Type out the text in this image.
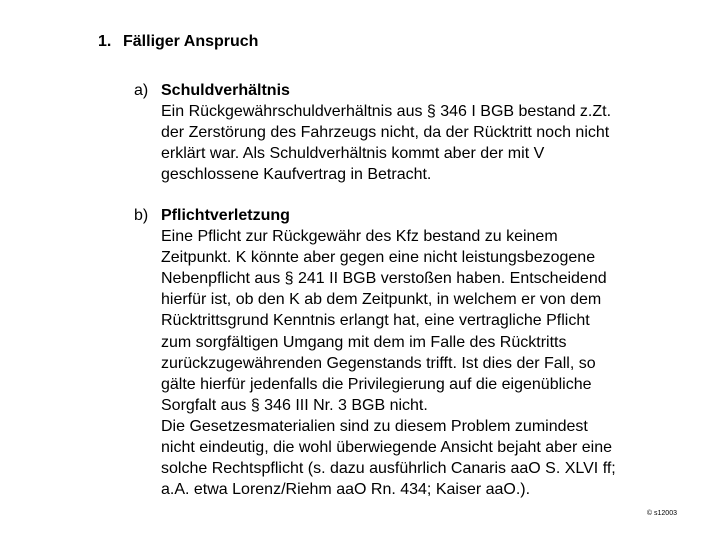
1. Fälliger Anspruch
a) Schuldverhältnis
Ein Rückgewährschuldverhältnis aus § 346 I BGB bestand z.Zt.
der Zerstörung des Fahrzeugs nicht, da der Rücktritt noch nicht
erklärt war. Als Schuldverhältnis kommt aber der mit V
geschlossene Kaufvertrag in Betracht.
b) Pflichtverletzung
Eine Pflicht zur Rückgewähr des Kfz bestand zu keinem
Zeitpunkt. K könnte aber gegen eine nicht leistungsbezogene
Nebenpflicht aus § 241 II BGB verstoßen haben. Entscheidend
hierfür ist, ob den K ab dem Zeitpunkt, in welchem er von dem
Rücktrittsgrund Kenntnis erlangt hat, eine vertragliche Pflicht
zum sorgfältigen Umgang mit dem im Falle des Rücktritts
zurückzugewährenden Gegenstands trifft. Ist dies der Fall, so
gälte hierfür jedenfalls die Privilegierung auf die eigenübliche
Sorgfalt aus § 346 III Nr. 3 BGB nicht.
Die Gesetzesmaterialien sind zu diesem Problem zumindest
nicht eindeutig, die wohl überwiegende Ansicht bejaht aber eine
solche Rechtspflicht (s. dazu ausführlich Canaris aaO S. XLVI ff;
a.A. etwa Lorenz/Riehm aaO Rn. 434; Kaiser aaO.).
© s12003
